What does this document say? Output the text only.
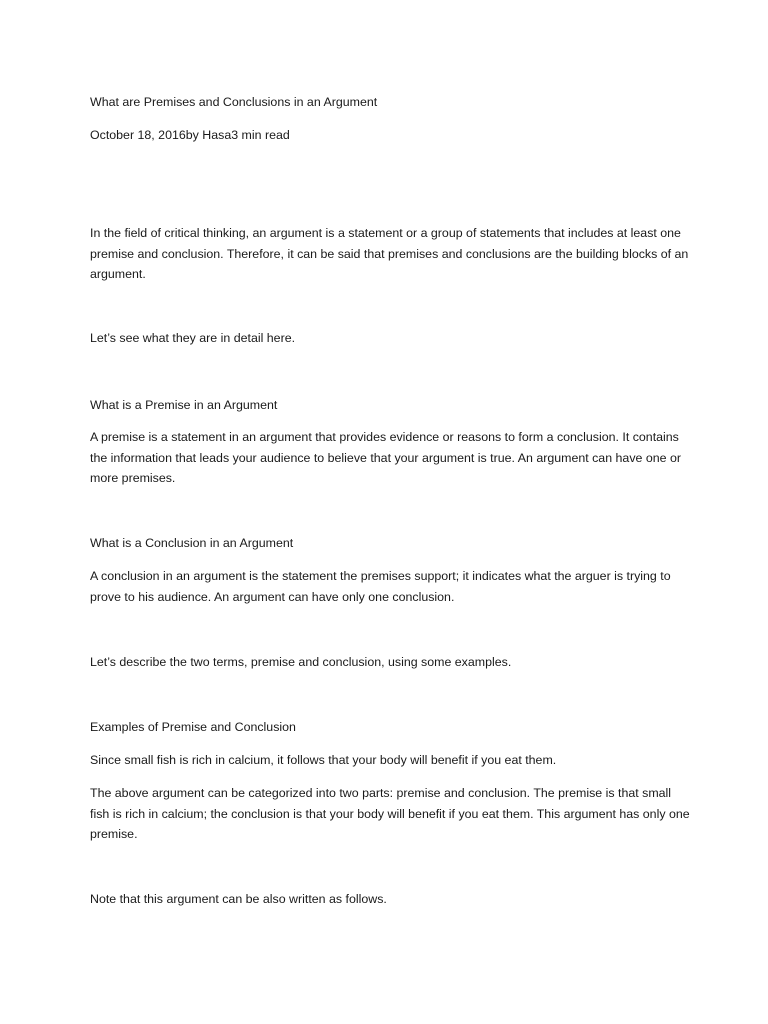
What are Premises and Conclusions in an Argument

October 18, 2016by Hasa3 min read

In the field of critical thinking, an argument is a statement or a group of statements that includes at least one premise and conclusion. Therefore, it can be said that premises and conclusions are the building blocks of an argument.

Let’s see what they are in detail here.

What is a Premise in an Argument

A premise is a statement in an argument that provides evidence or reasons to form a conclusion. It contains the information that leads your audience to believe that your argument is true. An argument can have one or more premises.

What is a Conclusion in an Argument

A conclusion in an argument is the statement the premises support; it indicates what the arguer is trying to prove to his audience. An argument can have only one conclusion.

Let’s describe the two terms, premise and conclusion, using some examples.

Examples of Premise and Conclusion

Since small fish is rich in calcium, it follows that your body will benefit if you eat them.

The above argument can be categorized into two parts: premise and conclusion. The premise is that small fish is rich in calcium; the conclusion is that your body will benefit if you eat them. This argument has only one premise.

Note that this argument can be also written as follows.
